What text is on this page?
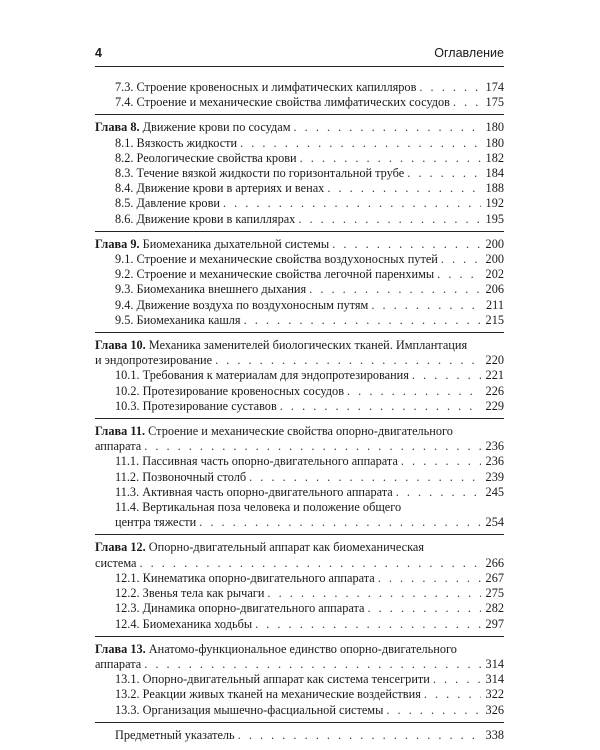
4	Оглавление
7.3. Строение кровеносных и лимфатических капилляров . . .	174
7.4. Строение и механические свойства лимфатических сосудов . . .	175
Глава 8. Движение крови по сосудам . . .	180
8.1. Вязкость жидкости . . .	180
8.2. Реологические свойства крови . . .	182
8.3. Течение вязкой жидкости по горизонтальной трубе . . .	184
8.4. Движение крови в артериях и венах . . .	188
8.5. Давление крови . . .	192
8.6. Движение крови в капиллярах . . .	195
Глава 9. Биомеханика дыхательной системы . . .	200
9.1. Строение и механические свойства воздухоносных путей . . .	200
9.2. Строение и механические свойства легочной паренхимы . . .	202
9.3. Биомеханика внешнего дыхания . . .	206
9.4. Движение воздуха по воздухоносным путям . . .	211
9.5. Биомеханика кашля . . .	215
Глава 10. Механика заменителей биологических тканей. Имплантация
и эндопротезирование . . .	220
10.1. Требования к материалам для эндопротезирования . . .	221
10.2. Протезирование кровеносных сосудов . . .	226
10.3. Протезирование суставов . . .	229
Глава 11. Строение и механические свойства опорно-двигательного
аппарата . . .	236
11.1. Пассивная часть опорно-двигательного аппарата . . .	236
11.2. Позвоночный столб . . .	239
11.3. Активная часть опорно-двигательного аппарата . . .	245
11.4. Вертикальная поза человека и положение общего
центра тяжести . . .	254
Глава 12. Опорно-двигательный аппарат как биомеханическая
система . . .	266
12.1. Кинематика опорно-двигательного аппарата . . .	267
12.2. Звенья тела как рычаги . . .	275
12.3. Динамика опорно-двигательного аппарата . . .	282
12.4. Биомеханика ходьбы . . .	297
Глава 13. Анатомо-функциональное единство опорно-двигательного
аппарата . . .	314
13.1. Опорно-двигательный аппарат как система тенсегрити . . .	314
13.2. Реакции живых тканей на механические воздействия . . .	322
13.3. Организация мышечно-фасциальной системы . . .	326
Предметный указатель . . .	338
